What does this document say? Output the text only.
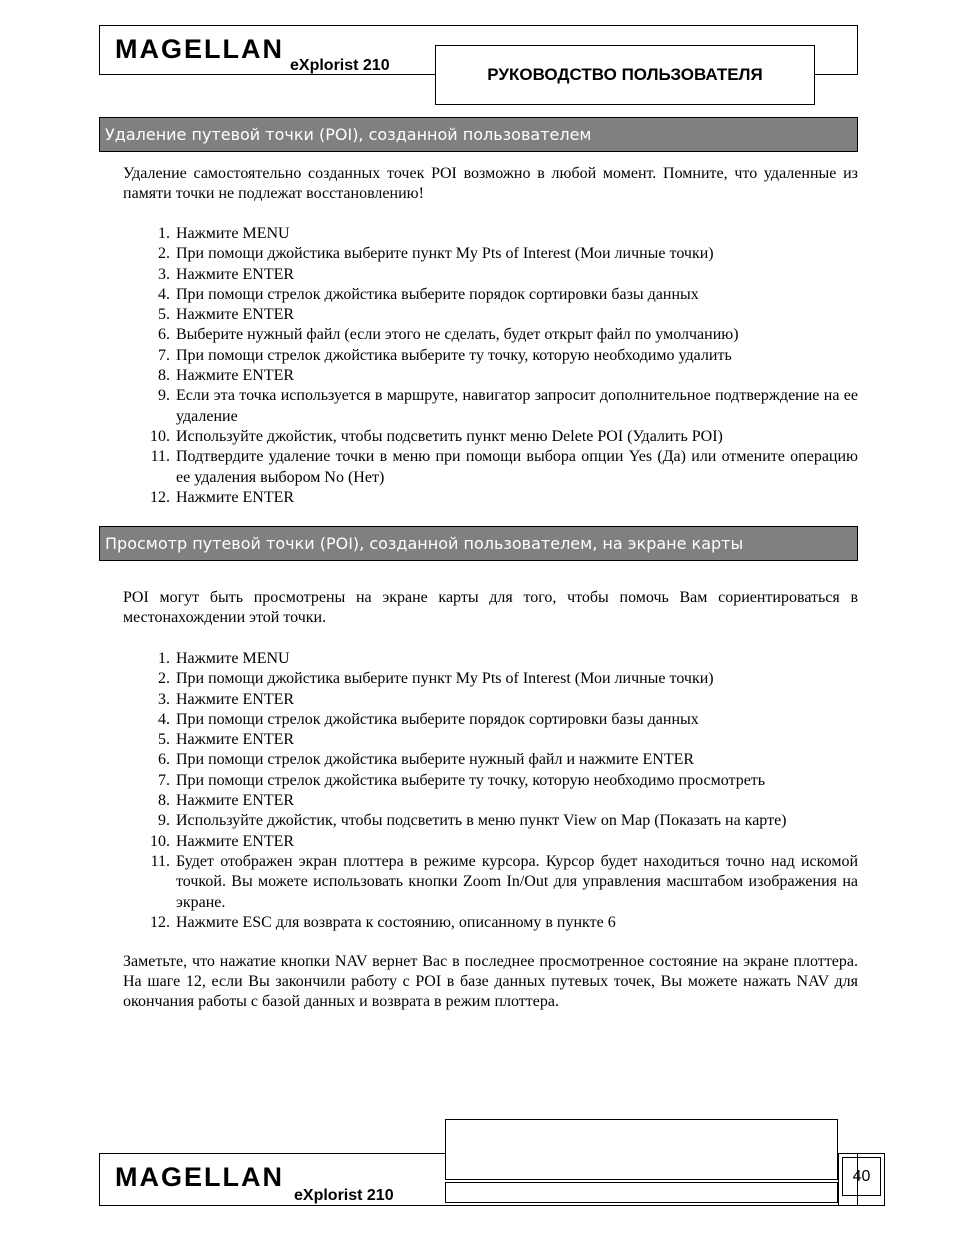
MAGELLAN
eXplorist 210	РУКОВОДСТВО ПОЛЬЗОВАТЕЛЯ
Удаление путевой точки (POI), созданной пользователем
Удаление самостоятельно созданных точек POI возможно в любой момент. Помните, что удаленные из памяти точки не подлежат восстановлению!
1 . Нажмите MENU
2 . При помощи джойстика выберите пункт My Pts of Interest (Мои личные точки)
3 . Нажмите ENTER
4 . При помощи стрелок джойстика выберите порядок сортировки базы данных
5 . Нажмите ENTER
6 . Выберите нужный файл (если этого не сделать, будет открыт файл по умолчанию)
7 . При помощи стрелок джойстика выберите ту точку, которую необходимо удалить
8 . Нажмите ENTER
9 . Если эта точка используется в маршруте, навигатор запросит дополнительное подтверждение на ее удаление
10 . Используйте джойстик, чтобы подсветить пункт меню Delete POI (Удалить POI)
11 . Подтвердите удаление точки в меню при помощи выбора опции Yes (Да) или отмените операцию ее удаления выбором No (Нет)
12 . Нажмите ENTER
Просмотр путевой точки (POI), созданной пользователем, на экране карты
POI могут быть просмотрены на экране карты для того, чтобы помочь Вам сориентироваться в местонахождении этой точки.
1 . Нажмите MENU
2 . При помощи джойстика выберите пункт My Pts of Interest (Мои личные точки)
3 . Нажмите ENTER
4 . При помощи стрелок джойстика выберите порядок сортировки базы данных
5 . Нажмите ENTER
6 . При помощи стрелок джойстика выберите нужный файл и нажмите ENTER
7 . При помощи стрелок джойстика выберите ту точку, которую необходимо просмотреть
8 . Нажмите ENTER
9 . Используйте джойстик, чтобы подсветить в меню пункт View on Map (Показать на карте)
10 . Нажмите ENTER
11 . Будет отображен экран плоттера в режиме курсора. Курсор будет находиться точно над искомой точкой. Вы можете использовать кнопки Zoom In/Out для управления масштабом изображения на экране.
12 . Нажмите ESC для возврата к состоянию, описанному в пункте 6
Заметьте, что нажатие кнопки NAV вернет Вас в последнее просмотренное состояние на экране плоттера. На шаге 12, если Вы закончили работу с POI в базе данных путевых точек, Вы можете нажать NAV для окончания работы с базой данных и возврата в режим плоттера.
MAGELLAN
eXplorist 210
40
